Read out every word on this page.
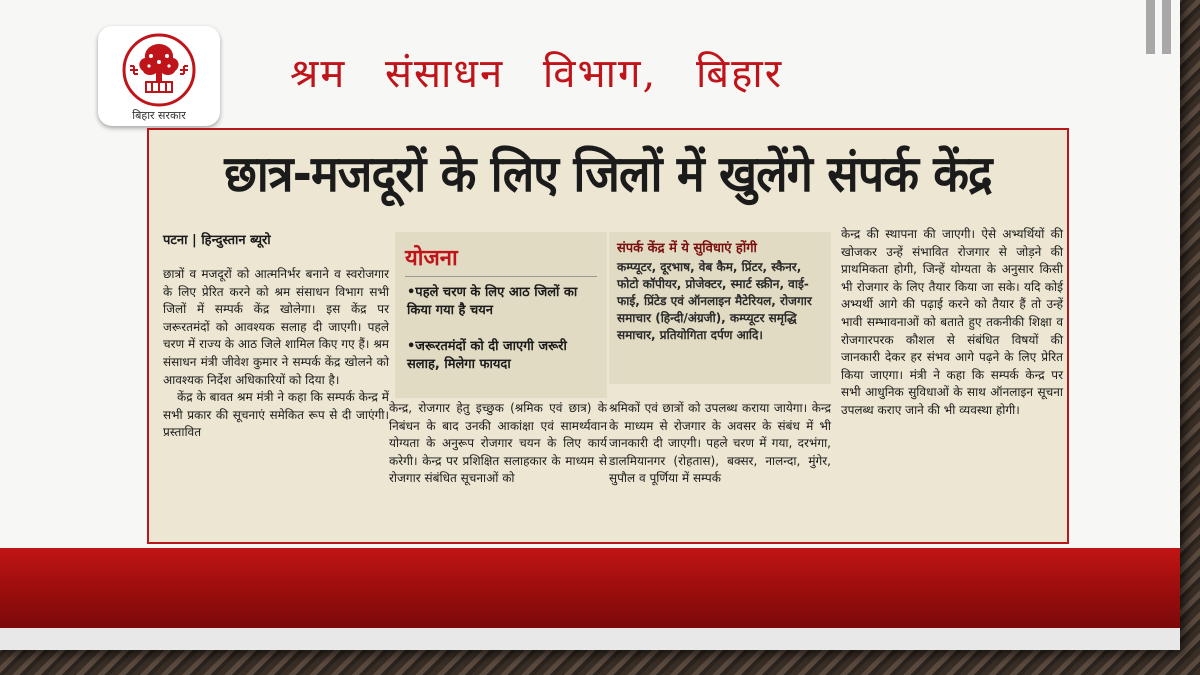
बिहार सरकार
श्रम संसाधन विभाग, बिहार
छात्र-मजदूरों के लिए जिलों में खुलेंगे संपर्क केंद्र
पटना | हिन्दुस्तान ब्यूरो

छात्रों व मजदूरों को आत्मनिर्भर बनाने व स्वरोजगार के लिए प्रेरित करने को श्रम संसाधन विभाग सभी जिलों में सम्पर्क केंद्र खोलेगा। इस केंद्र पर जरूरतमंदों को आवश्यक सलाह दी जाएगी। पहले चरण में राज्य के आठ जिले शामिल किए गए हैं। श्रम संसाधन मंत्री जीवेश कुमार ने सम्पर्क केंद्र खोलने को आवश्यक निर्देश अधिकारियों को दिया है।

केंद्र के बावत श्रम मंत्री ने कहा कि सम्पर्क केन्द्र में सभी प्रकार की सूचनाएं समेकित रूप से दी जाएंगी। प्रस्तावित

योजना
•पहले चरण के लिए आठ जिलों का किया गया है चयन
•जरूरतमंदों को दी जाएगी जरूरी सलाह, मिलेगा फायदा
संपर्क केंद्र में ये सुविधाएं होंगी
कम्प्यूटर, दूरभाष, वेब कैम, प्रिंटर, स्कैनर, फोटो कॉपीयर, प्रोजेक्टर, स्मार्ट स्क्रीन, वाई-फाई, प्रिंटेड एवं ऑनलाइन मैटेरियल, रोजगार समाचार (हिन्दी/अंग्रजी), कम्प्यूटर समृद्धि समाचार, प्रतियोगिता दर्पण आदि।

केन्द्र, रोजगार हेतु इच्छुक (श्रमिक एवं छात्र) के निबंधन के बाद उनकी आकांक्षा एवं सामर्थ्यवान योग्यता के अनुरूप रोजगार चयन के लिए कार्य करेगी। केन्द्र पर प्रशिक्षित सलाहकार के माध्यम से रोजगार संबंधित सूचनाओं को

श्रमिकों एवं छात्रों को उपलब्ध कराया जायेगा। केन्द्र के माध्यम से रोजगार के अवसर के संबंध में भी जानकारी दी जाएगी। पहले चरण में गया, दरभंगा, डालमियानगर (रोहतास), बक्सर, नालन्दा, मुंगेर, सुपौल व पूर्णिया में सम्पर्क

केन्द्र की स्थापना की जाएगी। ऐसे अभ्यर्थियों की खोजकर उन्हें संभावित रोजगार से जोड़ने की प्राथमिकता होगी, जिन्हें योग्यता के अनुसार किसी भी रोजगार के लिए तैयार किया जा सके। यदि कोई अभ्यर्थी आगे की पढ़ाई करने को तैयार हैं तो उन्हें भावी सम्भावनाओं को बताते हुए तकनीकी शिक्षा व रोजगारपरक कौशल से संबंधित विषयों की जानकारी देकर हर संभव आगे पढ़ने के लिए प्रेरित किया जाएगा। मंत्री ने कहा कि सम्पर्क केन्द्र पर सभी आधुनिक सुविधाओं के साथ ऑनलाइन सूचना उपलब्ध कराए जाने की भी व्यवस्था होगी।
